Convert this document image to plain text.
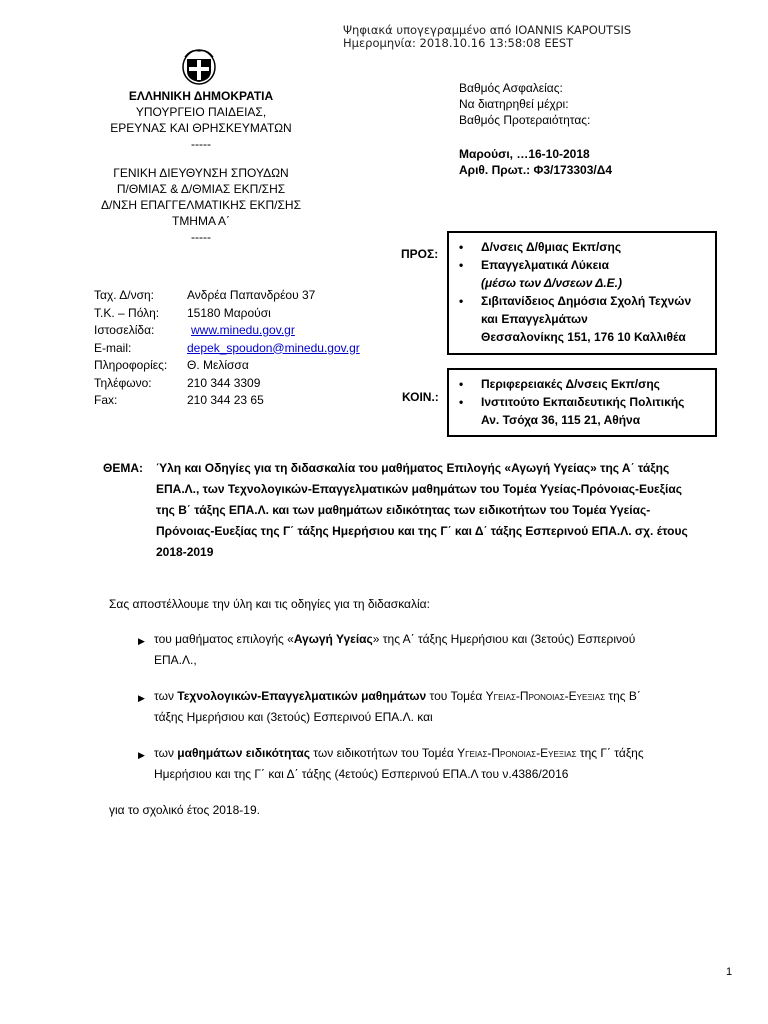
Ψηφιακά υπογεγραμμένο από IOANNIS KAPOUTSIS
Ημερομηνία: 2018.10.16 13:58:08 EEST
ΕΛΛΗΝΙΚΗ ΔΗΜΟΚΡΑΤΙΑ
ΥΠΟΥΡΓΕΙΟ ΠΑΙΔΕΙΑΣ,
ΕΡΕΥΝΑΣ ΚΑΙ ΘΡΗΣΚΕΥΜΑΤΩΝ
-----
ΓΕΝΙΚΗ ΔΙΕΥΘΥΝΣΗ ΣΠΟΥΔΩΝ
Π/ΘΜΙΑΣ & Δ/ΘΜΙΑΣ ΕΚΠ/ΣΗΣ
Δ/ΝΣΗ ΕΠΑΓΓΕΛΜΑΤΙΚΗΣ ΕΚΠ/ΣΗΣ
ΤΜΗΜΑ Α΄
-----
Βαθμός Ασφαλείας:
Να διατηρηθεί μέχρι:
Βαθμός Προτεραιότητας:
Μαρούσι, …16-10-2018
Αριθ. Πρωτ.: Φ3/173303/Δ4
Ταχ. Δ/νση:	Ανδρέα Παπανδρέου 37
Τ.Κ. – Πόλη:	15180 Μαρούσι
Ιστοσελίδα:	www.minedu.gov.gr
E-mail:	depek_spoudon@minedu.gov.gr
Πληροφορίες:	Θ. Μελίσσα
Τηλέφωνο:	210 344 3309
Fax:	210 344 23 65
ΠΡΟΣ: • Δ/νσεις Δ/θμιας Εκπ/σης
• Επαγγελματικά Λύκεια
(μέσω των Δ/νσεων Δ.Ε.)
• Σιβιτανίδειος Δημόσια Σχολή Τεχνών
και Επαγγελμάτων
Θεσσαλονίκης 151, 176 10 Καλλιθέα
ΚΟΙΝ.:
• Περιφερειακές Δ/νσεις Εκπ/σης
• Ινστιτούτο Εκπαιδευτικής Πολιτικής
Αν. Τσόχα 36, 115 21, Αθήνα
ΘΕΜΑ: Ύλη και Οδηγίες για τη διδασκαλία του μαθήματος Επιλογής «Αγωγή Υγείας» της Α΄ τάξης
ΕΠΑ.Λ., των Τεχνολογικών-Επαγγελματικών μαθημάτων του Τομέα Υγείας-Πρόνοιας-Ευεξίας
της Β΄ τάξης ΕΠΑ.Λ. και των μαθημάτων ειδικότητας των ειδικοτήτων του Τομέα Υγείας-
Πρόνοιας-Ευεξίας της Γ΄ τάξης Ημερήσιου και της Γ΄ και Δ΄ τάξης Εσπερινού ΕΠΑ.Λ. σχ. έτους
2018-2019
Σας αποστέλλουμε την ύλη και τις οδηγίες για τη διδασκαλία:
▶ του μαθήματος επιλογής «Αγωγή Υγείας» της Α΄ τάξης Ημερήσιου και (3ετούς) Εσπερινού
ΕΠΑ.Λ.,
▶ των Τεχνολογικών-Επαγγελματικών μαθημάτων του Τομέα Υγειας-Προνοιας-Ευεξιας της Β΄
τάξης Ημερήσιου και (3ετούς) Εσπερινού ΕΠΑ.Λ. και
▶ των μαθημάτων ειδικότητας των ειδικοτήτων του Τομέα Υγειας-Προνοιας-Ευεξιας της Γ΄ τάξης
Ημερήσιου και της Γ΄ και Δ΄ τάξης (4ετούς) Εσπερινού ΕΠΑ.Λ του ν.4386/2016
για το σχολικό έτος 2018-19.
1
